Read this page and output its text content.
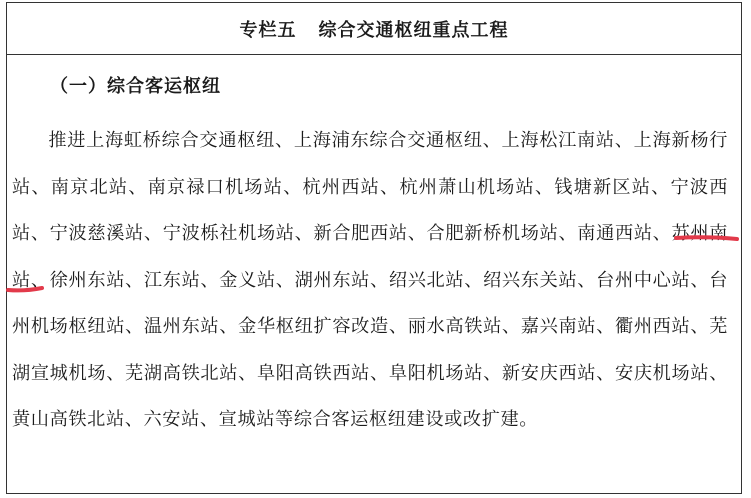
专栏五 综合交通枢纽重点工程
（一）综合客运枢纽

推进上海虹桥综合交通枢纽、上海浦东综合交通枢纽、上海松江南站、上海新杨行站、南京北站、南京禄口机场站、杭州西站、杭州萧山机场站、钱塘新区站、宁波西站、宁波慈溪站、宁波栎社机场站、新合肥西站、合肥新桥机场站、南通西站、苏州南站、徐州东站、江东站、金义站、湖州东站、绍兴北站、绍兴东关站、台州中心站、台州机场枢纽站、温州东站、金华枢纽扩容改造、丽水高铁站、嘉兴南站、衢州西站、芜湖宣城机场、芜湖高铁北站、阜阳高铁西站、阜阳机场站、新安庆西站、安庆机场站、黄山高铁北站、六安站、宣城站等综合客运枢纽建设或改扩建。
